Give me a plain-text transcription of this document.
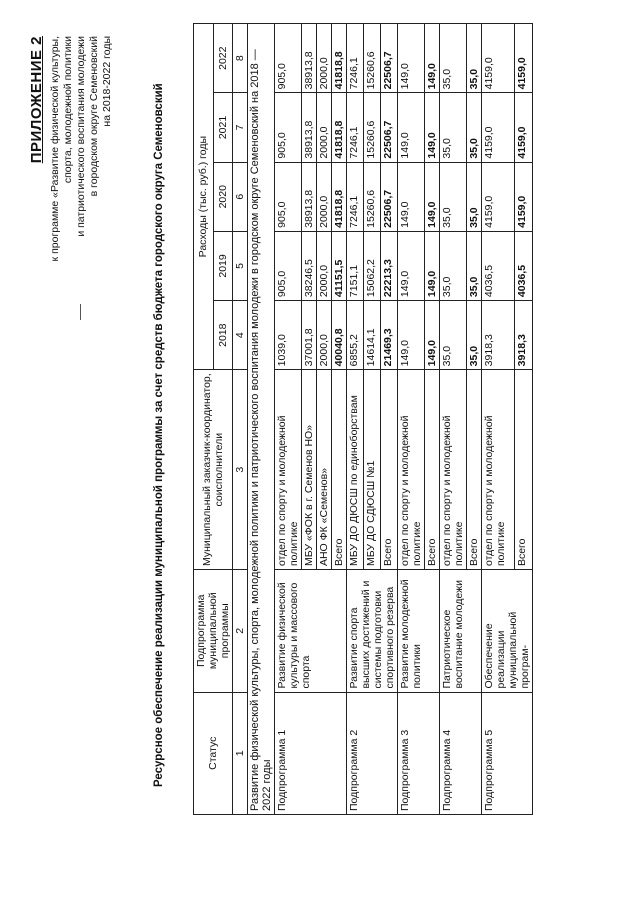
ПРИЛОЖЕНИЕ 2 к программе «Развитие физической культуры, спорта, молодежной политики и патриотического воспитания молодежи в городском округе Семеновский на 2018-2022 годы
Ресурсное обеспечение реализации муниципальной программы за счет средств бюджета городского округа Семеновский	Статус	Подпрограмма муниципальной программы	Муниципальный заказчик-координатор, соисполнители	Расходы (тыс. руб.) годы				
			2018	2019	2020	2021	2022
1	2	3	4	5	6	7	8
Развитие физической культуры, спорта, молодежной политики и патриотического воспитания молодежи в городском округе Семеновский на 2018 — 2022 годы							
Подпрограмма 1	Развитие физической культуры и массового спорта	отдел по спорту и молодежной политике	1039,0	905,0	905,0	905,0	905,0
		МБУ «ФОК в г. Семенов НО»	37001,8	38246,5	38913,8	38913,8	38913,8
		АНО ФК «Семенов»	2000,0	2000,0	2000,0	2000,0	2000,0
		Всего	40040,8	41151,5	41818,8	41818,8	41818,8
Подпрограмма 2	Развитие спорта высших достижений и системы подготовки спортивного резерва	МБУ ДО ДЮСШ по единоборствам	6855,2	7151,1	7246,1	7246,1	7246,1
		МБУ ДО СДЮСШ №1	14614,1	15062,2	15260,6	15260,6	15260,6
		Всего	21469,3	22213,3	22506,7	22506,7	22506,7
Подпрограмма 3	Развитие молодежной политики	отдел по спорту и молодежной политике	149,0	149,0	149,0	149,0	149,0
		Всего	149,0	149,0	149,0	149,0	149,0
Подпрограмма 4	Патриотическое воспитание молодежи	отдел по спорту и молодежной политике	35,0	35,0	35,0	35,0	35,0
		Всего	35,0	35,0	35,0	35,0	35,0
Подпрограмма 5	Обеспечение реализации муниципальной програм-	отдел по спорту и молодежной политике	3918,3	4036,5	4159,0	4159,0	4159,0
		Всего	3918,3	4036,5	4159,0	4159,0	4159,0
